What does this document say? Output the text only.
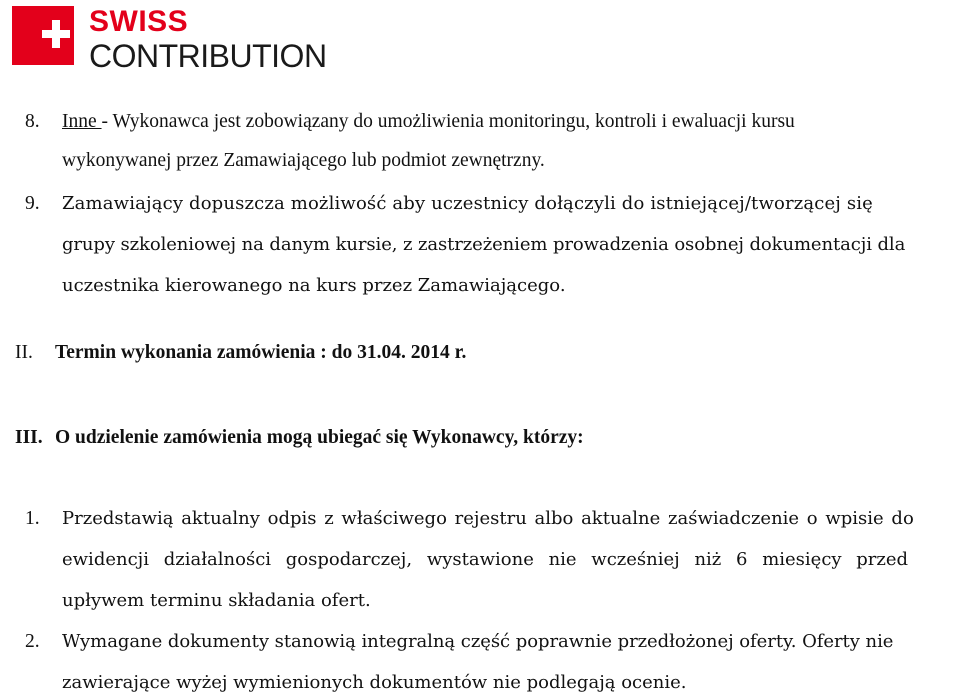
SWISS
CONTRIBUTION
8. Inne - Wykonawca jest zobowiązany do umożliwienia monitoringu, kontroli i ewaluacji kursu
wykonywanej przez Zamawiającego lub podmiot zewnętrzny.
9. Zamawiający dopuszcza możliwość aby uczestnicy dołączyli do istniejącej/tworzącej się
grupy szkoleniowej na danym kursie, z zastrzeżeniem prowadzenia osobnej dokumentacji dla
uczestnika kierowanego na kurs przez Zamawiającego.
II. Termin wykonania zamówienia : do 31.04. 2014 r.
III. O udzielenie zamówienia mogą ubiegać się Wykonawcy, którzy:
1. Przedstawią aktualny odpis z właściwego rejestru albo aktualne zaświadczenie o wpisie do
ewidencji działalności gospodarczej, wystawione nie wcześniej niż 6 miesięcy przed
upływem terminu składania ofert.
2. Wymagane dokumenty stanowią integralną część poprawnie przedłożonej oferty. Oferty nie
zawierające wyżej wymienionych dokumentów nie podlegają ocenie.
